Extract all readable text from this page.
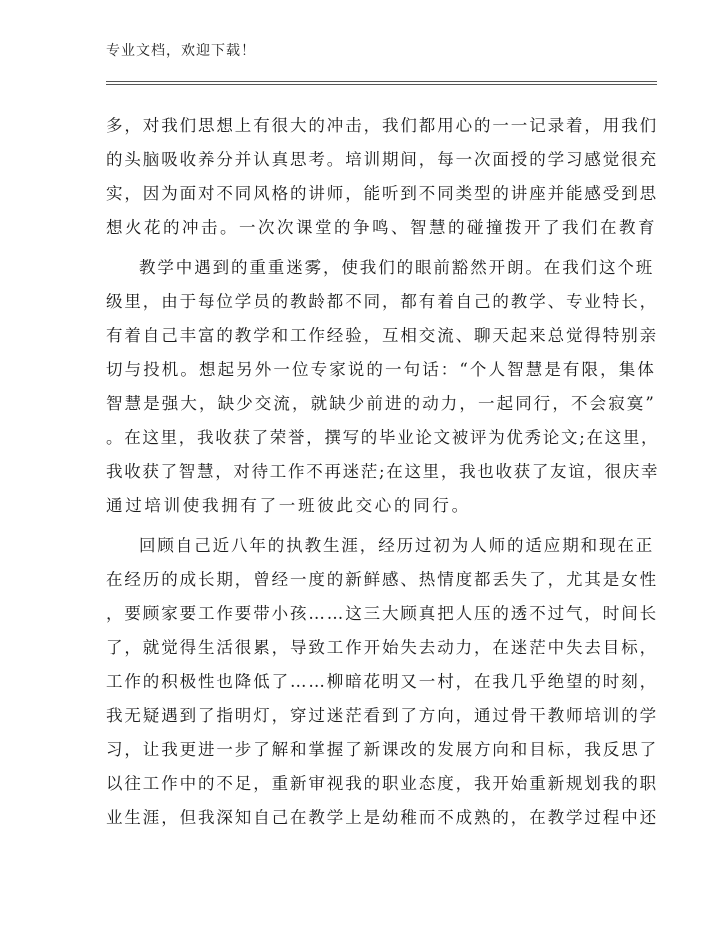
专业文档，欢迎下载！
多，对我们思想上有很大的冲击，我们都用心的一一记录着，用我们
的头脑吸收养分并认真思考。培训期间，每一次面授的学习感觉很充
实，因为面对不同风格的讲师，能听到不同类型的讲座并能感受到思
想火花的冲击。一次次课堂的争鸣、智慧的碰撞拨开了我们在教育
教学中遇到的重重迷雾，使我们的眼前豁然开朗。在我们这个班
级里，由于每位学员的教龄都不同，都有着自己的教学、专业特长，
有着自己丰富的教学和工作经验，互相交流、聊天起来总觉得特别亲
切与投机。想起另外一位专家说的一句话：“个人智慧是有限，集体
智慧是强大，缺少交流，就缺少前进的动力，一起同行，不会寂寞”
。在这里，我收获了荣誉，撰写的毕业论文被评为优秀论文;在这里，
我收获了智慧，对待工作不再迷茫;在这里，我也收获了友谊，很庆幸
通过培训使我拥有了一班彼此交心的同行。
回顾自己近八年的执教生涯，经历过初为人师的适应期和现在正
在经历的成长期，曾经一度的新鲜感、热情度都丢失了，尤其是女性
，要顾家要工作要带小孩……这三大顾真把人压的透不过气，时间长
了，就觉得生活很累，导致工作开始失去动力，在迷茫中失去目标，
工作的积极性也降低了……柳暗花明又一村，在我几乎绝望的时刻，
我无疑遇到了指明灯，穿过迷茫看到了方向，通过骨干教师培训的学
习，让我更进一步了解和掌握了新课改的发展方向和目标，我反思了
以往工作中的不足，重新审视我的职业态度，我开始重新规划我的职
业生涯，但我深知自己在教学上是幼稚而不成熟的，在教学过程中还
